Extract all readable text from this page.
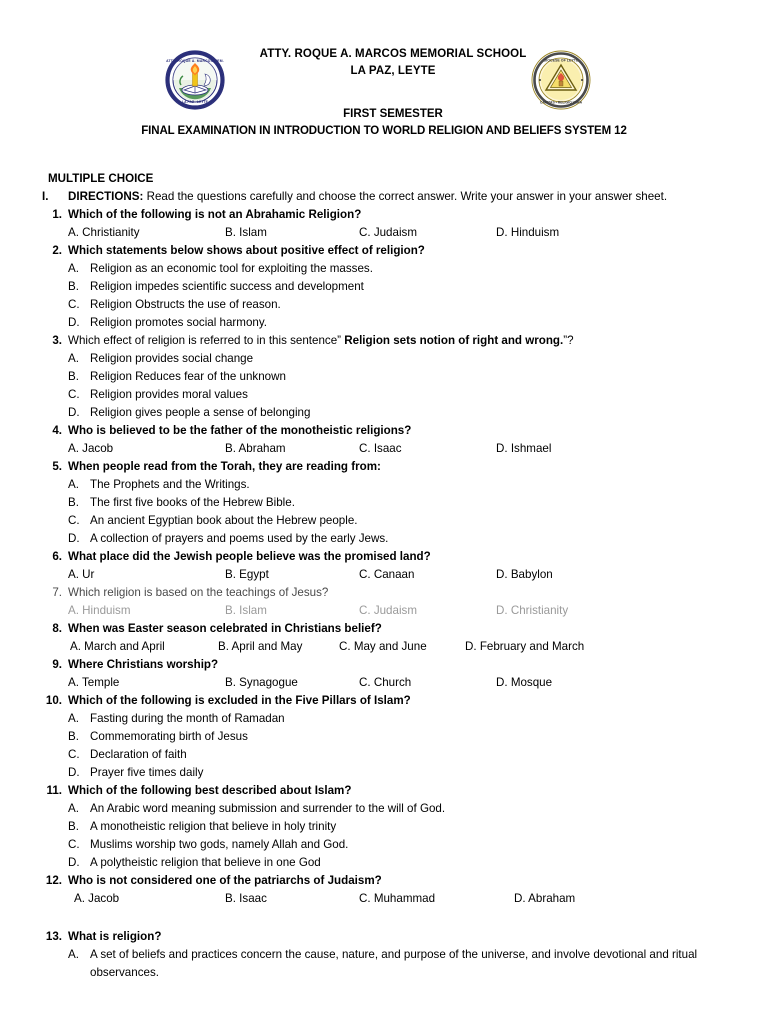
ATTY. ROQUE A. MARCOS MEM.
LA PAZ • LEYTE
DIOCESE OF LEYTE
CARITAS • RELIGIO VERA
ATTY. ROQUE A. MARCOS MEMORIAL SCHOOL
LA PAZ, LEYTE
FIRST SEMESTER
FINAL EXAMINATION IN INTRODUCTION TO WORLD RELIGION AND BELIEFS SYSTEM 12
MULTIPLE CHOICE
I.	DIRECTIONS: Read the questions carefully and choose the correct answer. Write your answer in your answer sheet.
1. Which of the following is not an Abrahamic Religion?
A. Christianity	B. Islam	C. Judaism	D. Hinduism
2. Which statements below shows about positive effect of religion?
A. Religion as an economic tool for exploiting the masses.
B. Religion impedes scientific success and development
C. Religion Obstructs the use of reason.
D. Religion promotes social harmony.
3. Which effect of religion is referred to in this sentence” Religion sets notion of right and wrong.”?
A. Religion provides social change
B. Religion Reduces fear of the unknown
C. Religion provides moral values
D. Religion gives people a sense of belonging
4. Who is believed to be the father of the monotheistic religions?
A. Jacob	B. Abraham	C. Isaac	D. Ishmael
5. When people read from the Torah, they are reading from:
A. The Prophets and the Writings.
B. The first five books of the Hebrew Bible.
C. An ancient Egyptian book about the Hebrew people.
D. A collection of prayers and poems used by the early Jews.
6. What place did the Jewish people believe was the promised land?
A. Ur	B. Egypt	C. Canaan	D. Babylon
7. Which religion is based on the teachings of Jesus?
A. Hinduism	B. Islam	C. Judaism	D. Christianity
8. When was Easter season celebrated in Christians belief?
A. March and April	B. April and May	C. May and June	D. February and March
9. Where Christians worship?
A. Temple	B. Synagogue	C. Church	D. Mosque
10. Which of the following is excluded in the Five Pillars of Islam?
A. Fasting during the month of Ramadan
B. Commemorating birth of Jesus
C. Declaration of faith
D. Prayer five times daily
11. Which of the following best described about Islam?
A. An Arabic word meaning submission and surrender to the will of God.
B. A monotheistic religion that believe in holy trinity
C. Muslims worship two gods, namely Allah and God.
D. A polytheistic religion that believe in one God
12. Who is not considered one of the patriarchs of Judaism?
A. Jacob	B. Isaac	C. Muhammad	D. Abraham
13. What is religion?
A. A set of beliefs and practices concern the cause, nature, and purpose of the universe, and involve devotional and ritual observances.
